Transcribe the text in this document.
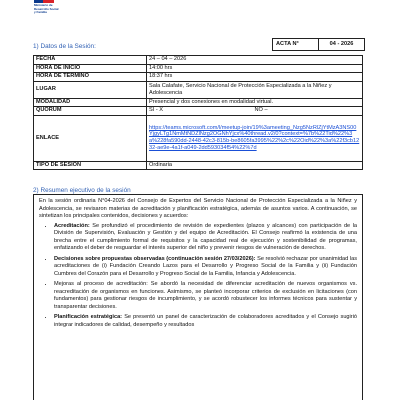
Ministerio de
Desarrollo Social
y Familia
1) Datos de la Sesión:	ACTA N°	04 - 2026
FECHA	24 – 04 – 2026
HORA DE INICIO	14:00 hrs
HORA DE TERMINO	18:37 hrs
LUGAR	Sala Calafate, Servicio Nacional de Protección Especializada a la Niñez y Adolescencia
MODALIDAD	Presencial y dos conexiones en modalidad virtual.
QUORUM	SI - X NO –

ENLACE	https://teams.microsoft.com/l/meetup-join/19%3ameeting_Nzg5NzRlZjYtMzA3NS00YjgyLTg1NmMtNDZlNzg2OGNhYjcx%40thread.v2/0?context=%7b%22Tid%22%3a%228fa590dd-2448-42c3-815b-be8605fa3995%22%2c%22Oid%22%3a%22f3cb1232-ae9e-4a1f-a049-2dd593034f54%22%7d
TIPO DE SESIÓN	Ordinaria
2) Resumen ejecutivo de la sesión

En la sesión ordinaria N°04-2026 del Consejo de Expertos del Servicio Nacional de Protección Especializada a la Niñez y Adolescencia, se revisaron materias de acreditación y planificación estratégica, además de asuntos varios. A continuación, se sintetizan los principales contenidos, decisiones y acuerdos:

• Acreditación: Se profundizó el procedimiento de revisión de expedientes (plazos y alcances) con participación de la División de Supervisión, Evaluación y Gestión y del equipo de Acreditación. El Consejo reafirmó la existencia de una brecha entre el cumplimiento formal de requisitos y la capacidad real de ejecución y sostenibilidad de programas, enfatizando el deber de resguardar el interés superior del niño y prevenir riesgos de vulneración de derechos.
• Decisiones sobre propuestas observadas (continuación sesión 27/03/2026): Se resolvió rechazar por unanimidad las acreditaciones de (i) Fundación Creando Lazos para el Desarrollo y Progreso Social de la Familia y (ii) Fundación Cumbres del Corazón para el Desarrollo y Progreso Social de la Familia, Infancia y Adolescencia.
• Mejoras al proceso de acreditación: Se abordó la necesidad de diferenciar acreditación de nuevos organismos vs. reacreditación de organismos en funciones. Asimismo, se planteó incorporar criterios de exclusión en licitaciones (con fundamentos) para gestionar riesgos de incumplimiento, y se acordó robustecer los informes técnicos para sustentar y transparentar decisiones.
• Planificación estratégica: Se presentó un panel de caracterización de colaboradores acreditados y el Consejo sugirió integrar indicadores de calidad, desempeño y resultados
